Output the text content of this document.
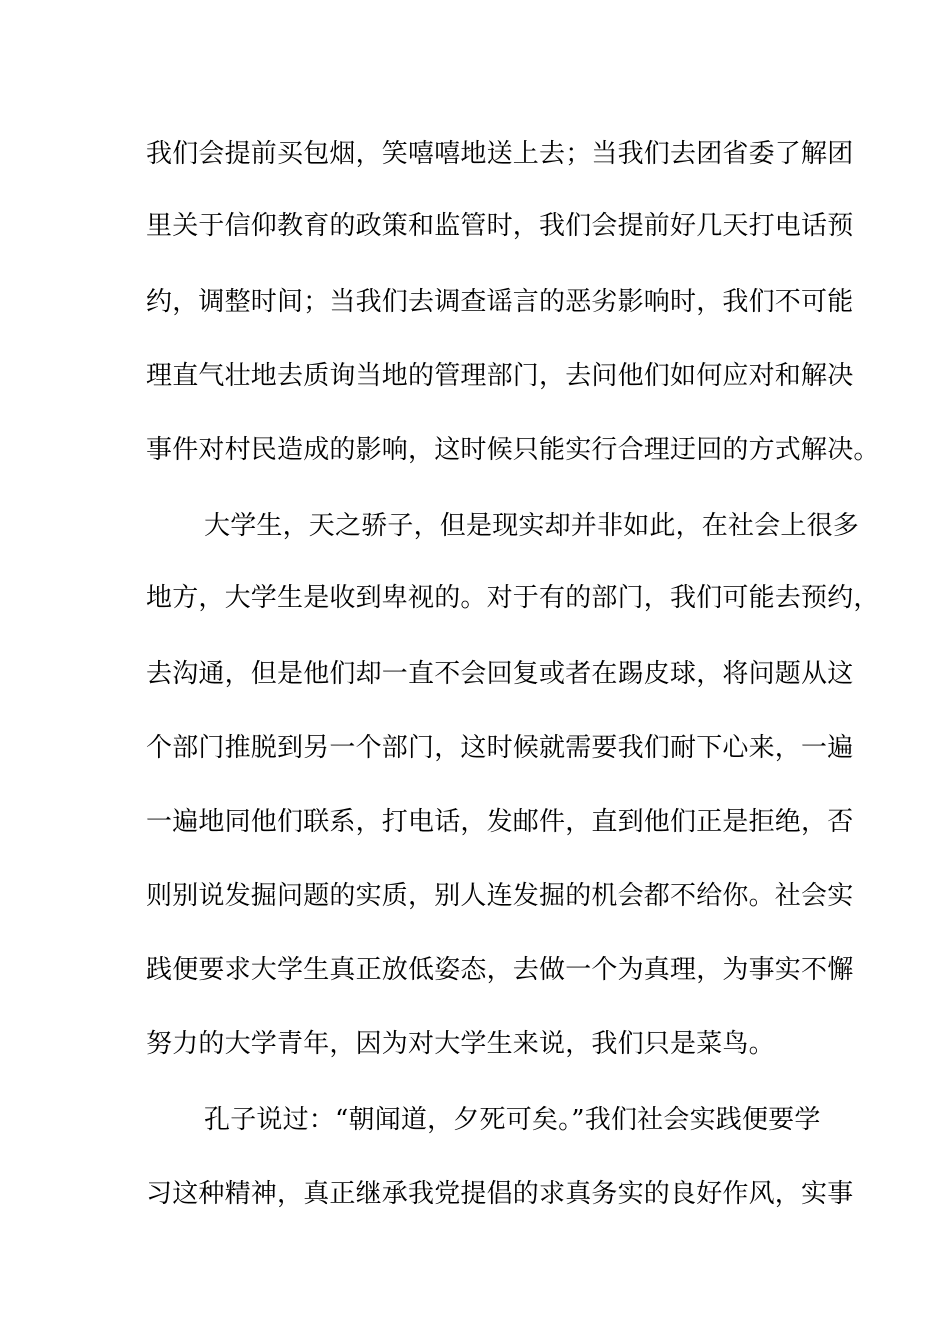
我们会提前买包烟，笑嘻嘻地送上去；当我们去团省委了解团
里关于信仰教育的政策和监管时，我们会提前好几天打电话预
约，调整时间；当我们去调查谣言的恶劣影响时，我们不可能
理直气壮地去质询当地的管理部门，去问他们如何应对和解决
事件对村民造成的影响，这时候只能实行合理迂回的方式解决。
大学生，天之骄子，但是现实却并非如此，在社会上很多
地方，大学生是收到卑视的。对于有的部门，我们可能去预约，
去沟通，但是他们却一直不会回复或者在踢皮球，将问题从这
个部门推脱到另一个部门，这时候就需要我们耐下心来，一遍
一遍地同他们联系，打电话，发邮件，直到他们正是拒绝，否
则别说发掘问题的实质，别人连发掘的机会都不给你。社会实
践便要求大学生真正放低姿态，去做一个为真理，为事实不懈
努力的大学青年，因为对大学生来说，我们只是菜鸟。
孔子说过：“朝闻道，夕死可矣。”我们社会实践便要学
习这种精神，真正继承我党提倡的求真务实的良好作风，实事
